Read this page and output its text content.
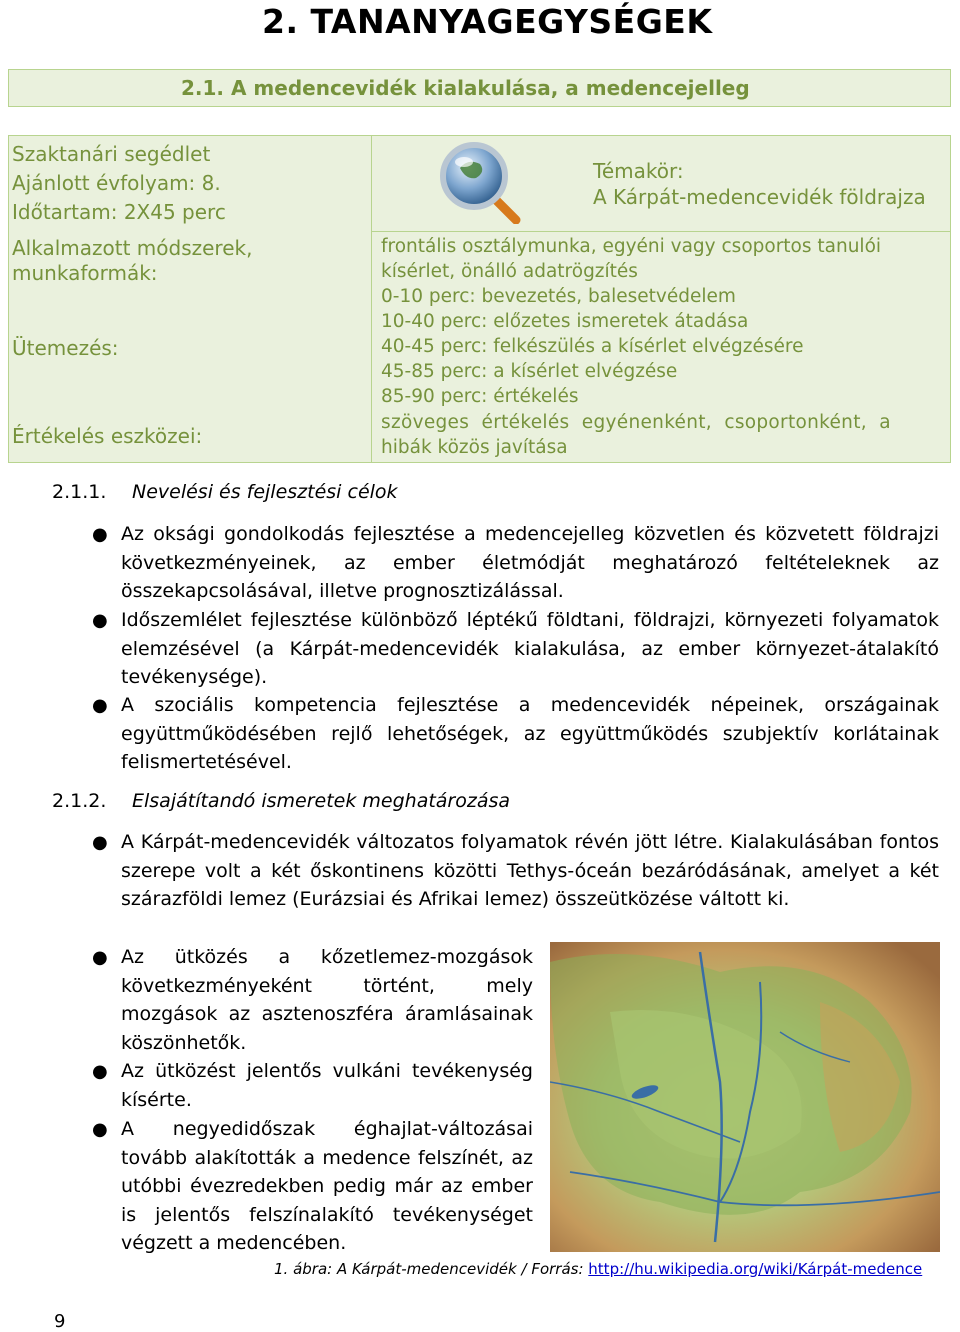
2. TANANYAGEGYSÉGEK
2.1. A medencevidék kialakulása, a medencejelleg
Szaktanári segédlet
Ajánlott évfolyam: 8.
Időtartam: 2X45 perc
Témakör:
A Kárpát-medencevidék földrajza
Alkalmazott módszerek,
munkaformák:
frontális osztálymunka, egyéni vagy csoportos tanulói
kísérlet, önálló adatrögzítés
Ütemezés:
0-10 perc: bevezetés, balesetvédelem
10-40 perc: előzetes ismeretek átadása
40-45 perc: felkészülés a kísérlet elvégzésére
45-85 perc: a kísérlet elvégzése
85-90 perc: értékelés
Értékelés eszközei:
szöveges  értékelés  egyénenként,  csoportonként,  a
hibák közös javítása
2.1.1. Nevelési és fejlesztési célok
● Az oksági gondolkodás fejlesztése a medencejelleg közvetlen és közvetett földrajzi következményeinek, az ember életmódját meghatározó feltételeknek az összekapcsolásával, illetve prognosztizálással.
● Időszemlélet fejlesztése különböző léptékű földtani, földrajzi, környezeti folyamatok elemzésével (a Kárpát-medencevidék kialakulása, az ember környezet-átalakító tevékenysége).
● A szociális kompetencia fejlesztése a medencevidék népeinek, országainak együttműködésében rejlő lehetőségek, az együttműködés szubjektív korlátainak felismertetésével.
2.1.2. Elsajátítandó ismeretek meghatározása
● A Kárpát-medencevidék változatos folyamatok révén jött létre. Kialakulásában fontos szerepe volt a két őskontinens közötti Tethys-óceán bezáródásának, amelyet a két szárazföldi lemez (Eurázsiai és Afrikai lemez) összeütközése váltott ki.
● Az ütközés a kőzetlemez-mozgások következményeként történt, mely mozgások az asztenoszféra áramlásainak köszönhetők.
● Az ütközést jelentős vulkáni tevékenység kísérte.
● A negyedidőszak éghajlat-változásai tovább alakították a medence felszínét, az utóbbi évezredekben pedig már az ember is jelentős felszínalakító tevékenységet végzett a medencében.
1. ábra: A Kárpát-medencevidék / Forrás: http://hu.wikipedia.org/wiki/Kárpát-medence
9
